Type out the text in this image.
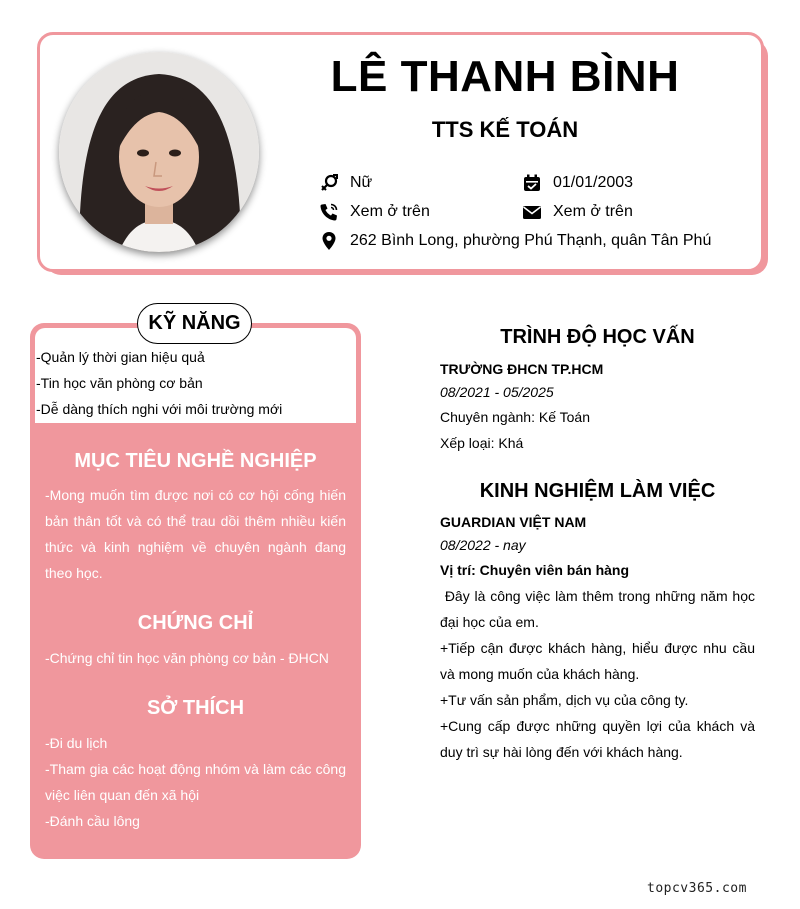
LÊ THANH BÌNH
TTS KẾ TOÁN
Nữ	01/01/2003
Xem ở trên	Xem ở trên
262 Bình Long, phường Phú Thạnh, quân Tân Phú
KỸ NĂNG
-Quản lý thời gian hiệu quả
-Tin học văn phòng cơ bản
-Dễ dàng thích nghi với môi trường mới
MỤC TIÊU NGHỀ NGHIỆP
-Mong muốn tìm được nơi có cơ hội cống hiến bản thân tốt và có thể trau dồi thêm nhiều kiến thức và kinh nghiệm về chuyên ngành đang theo học.
CHỨNG CHỈ
-Chứng chỉ tin học văn phòng cơ bản - ĐHCN
SỞ THÍCH
-Đi du lịch
-Tham gia các hoạt động nhóm và làm các công việc liên quan đến xã hội
-Đánh cầu lông
TRÌNH ĐỘ HỌC VẤN
TRƯỜNG ĐHCN TP.HCM
08/2021 - 05/2025
Chuyên ngành: Kế Toán
Xếp loại: Khá
KINH NGHIỆM LÀM VIỆC
GUARDIAN VIỆT NAM
08/2022 - nay
Vị trí: Chuyên viên bán hàng
Đây là công việc làm thêm trong những năm học đại học của em.
+Tiếp cận được khách hàng, hiểu được nhu cầu và mong muốn của khách hàng.
+Tư vấn sản phẩm, dịch vụ của công ty.
+Cung cấp được những quyền lợi của khách và duy trì sự hài lòng đến với khách hàng.
topcv365.com
